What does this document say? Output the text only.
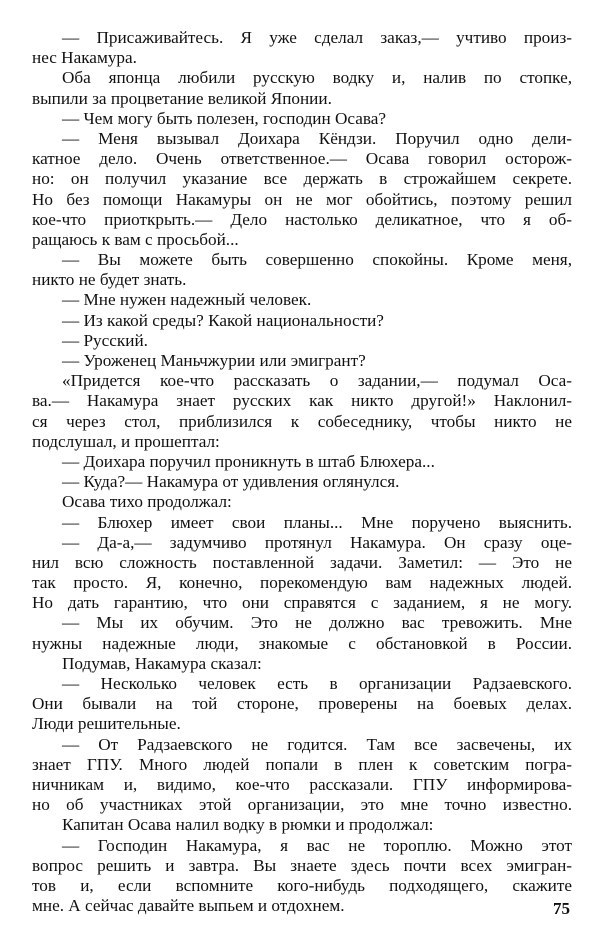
— Присаживайтесь. Я уже сделал заказ,— учтиво произ-
нес Накамура.
Оба японца любили русскую водку и, налив по стопке,
выпили за процветание великой Японии.
— Чем могу быть полезен, господин Осава?
— Меня вызывал Доихара Кёндзи. Поручил одно дели-
катное дело. Очень ответственное.— Осава говорил осторож-
но: он получил указание все держать в строжайшем секрете.
Но без помощи Накамуры он не мог обойтись, поэтому решил
кое-что приоткрыть.— Дело настолько деликатное, что я об-
ращаюсь к вам с просьбой...
— Вы можете быть совершенно спокойны. Кроме меня,
никто не будет знать.
— Мне нужен надежный человек.
— Из какой среды? Какой национальности?
— Русский.
— Уроженец Маньчжурии или эмигрант?
«Придется кое-что рассказать о задании,— подумал Оса-
ва.— Накамура знает русских как никто другой!» Наклонил-
ся через стол, приблизился к собеседнику, чтобы никто не
подслушал, и прошептал:
— Доихара поручил проникнуть в штаб Блюхера...
— Куда?— Накамура от удивления оглянулся.
Осава тихо продолжал:
— Блюхер имеет свои планы... Мне поручено выяснить.
— Да-а,— задумчиво протянул Накамура. Он сразу оце-
нил всю сложность поставленной задачи. Заметил: — Это не
так просто. Я, конечно, порекомендую вам надежных людей.
Но дать гарантию, что они справятся с заданием, я не могу.
— Мы их обучим. Это не должно вас тревожить. Мне
нужны надежные люди, знакомые с обстановкой в России.
Подумав, Накамура сказал:
— Несколько человек есть в организации Радзаевского.
Они бывали на той стороне, проверены на боевых делах.
Люди решительные.
— От Радзаевского не годится. Там все засвечены, их
знает ГПУ. Много людей попали в плен к советским погра-
ничникам и, видимо, кое-что рассказали. ГПУ информирова-
но об участниках этой организации, это мне точно известно.
Капитан Осава налил водку в рюмки и продолжал:
— Господин Накамура, я вас не тороплю. Можно этот
вопрос решить и завтра. Вы знаете здесь почти всех эмигран-
тов и, если вспомните кого-нибудь подходящего, скажите
мне. А сейчас давайте выпьем и отдохнем.	75
